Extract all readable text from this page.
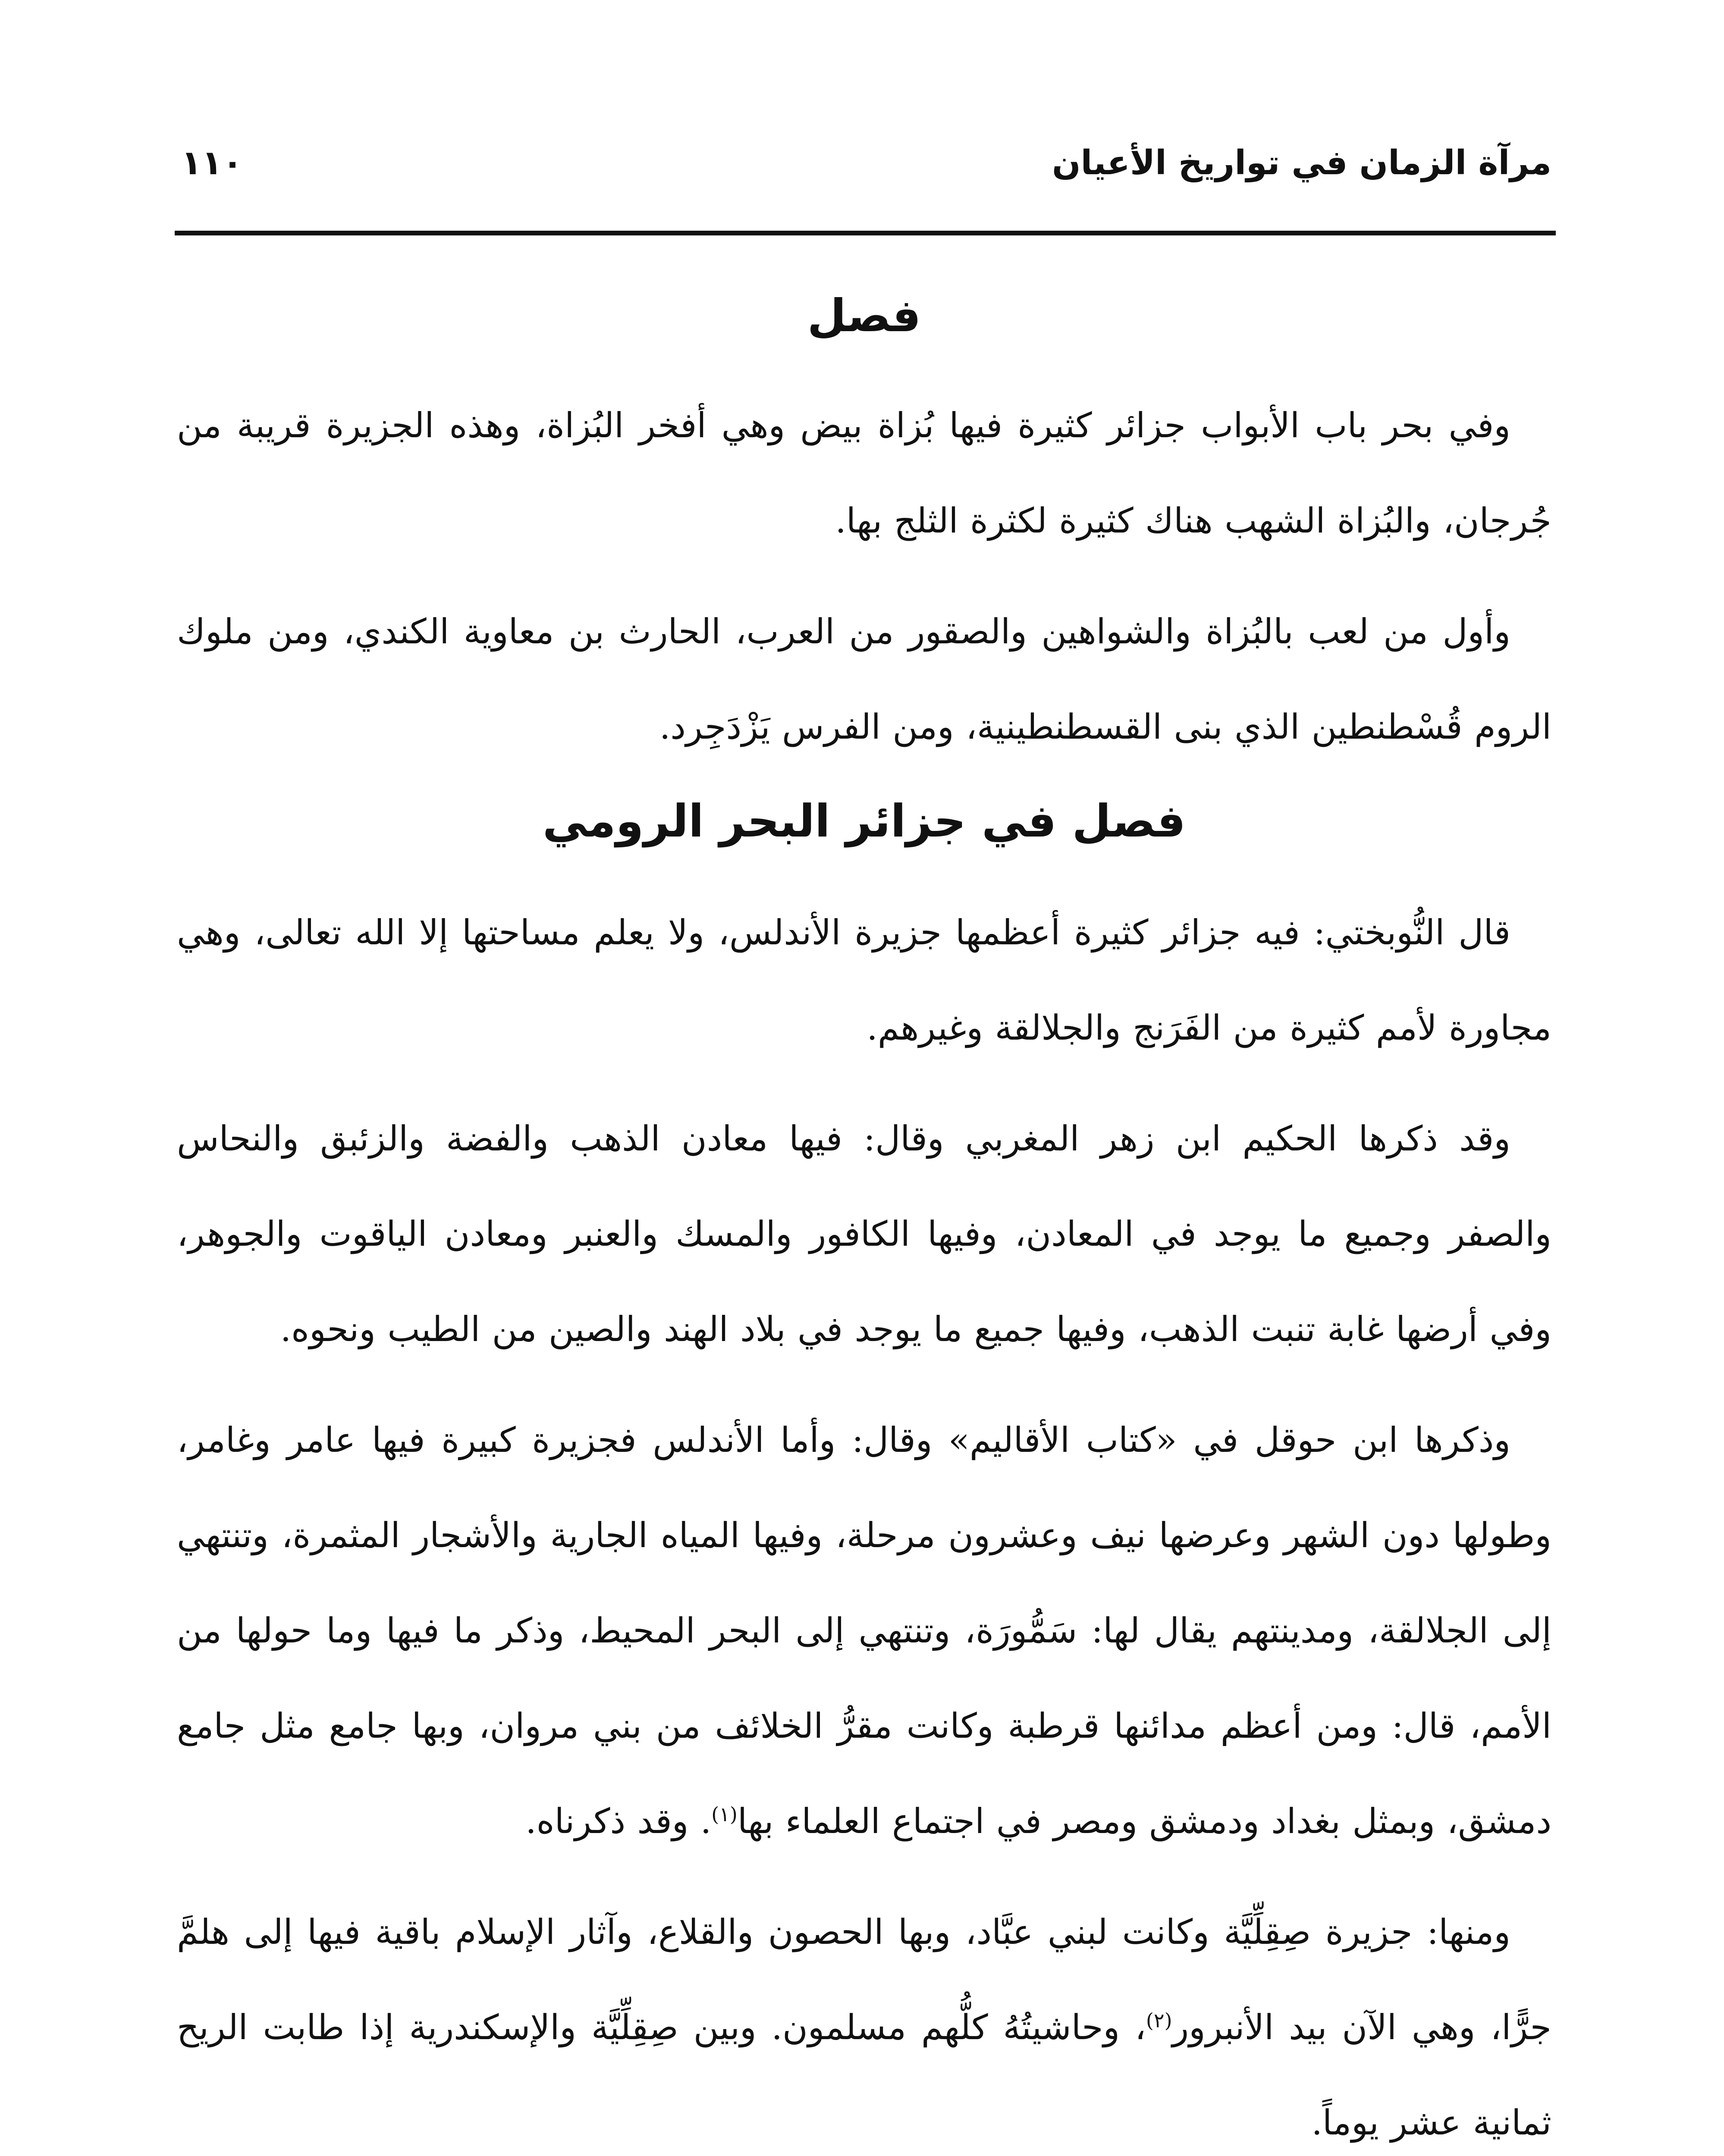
مرآة الزمان في تواريخ الأعيان
١١٠
فصل

وفي بحر باب الأبواب جزائر كثيرة فيها بُزاة بيض وهي أفخر البُزاة، وهذه الجزيرة قريبة من جُرجان، والبُزاة الشهب هناك كثيرة لكثرة الثلج بها.

وأول من لعب بالبُزاة والشواهين والصقور من العرب، الحارث بن معاوية الكندي، ومن ملوك الروم قُسْطنطين الذي بنى القسطنطينية، ومن الفرس يَزْدَجِرد.

فصل في جزائر البحر الرومي

قال النُّوبختي: فيه جزائر كثيرة أعظمها جزيرة الأندلس، ولا يعلم مساحتها إلا الله تعالى، وهي مجاورة لأمم كثيرة من الفَرَنج والجلالقة وغيرهم.

وقد ذكرها الحكيم ابن زهر المغربي وقال: فيها معادن الذهب والفضة والزئبق والنحاس والصفر وجميع ما يوجد في المعادن، وفيها الكافور والمسك والعنبر ومعادن الياقوت والجوهر، وفي أرضها غابة تنبت الذهب، وفيها جميع ما يوجد في بلاد الهند والصين من الطيب ونحوه.

وذكرها ابن حوقل في «كتاب الأقاليم» وقال: وأما الأندلس فجزيرة كبيرة فيها عامر وغامر، وطولها دون الشهر وعرضها نيف وعشرون مرحلة، وفيها المياه الجارية والأشجار المثمرة، وتنتهي إلى الجلالقة، ومدينتهم يقال لها: سَمُّورَة، وتنتهي إلى البحر المحيط، وذكر ما فيها وما حولها من الأمم، قال: ومن أعظم مدائنها قرطبة وكانت مقرُّ الخلائف من بني مروان، وبها جامع مثل جامع دمشق، وبمثل بغداد ودمشق ومصر في اجتماع العلماء بها$^{(١)}$. وقد ذكرناه.

ومنها: جزيرة صِقِلِّيَّة وكانت لبني عبَّاد، وبها الحصون والقلاع، وآثار الإسلام باقية فيها إلى هلمَّ جرًّا، وهي الآن بيد الأنبرور$^{(٢)}$، وحاشيتُهُ كلُّهم مسلمون. وبين صِقِلِّيَّة والإسكندرية إذا طابت الريح ثمانية عشر يوماً.
